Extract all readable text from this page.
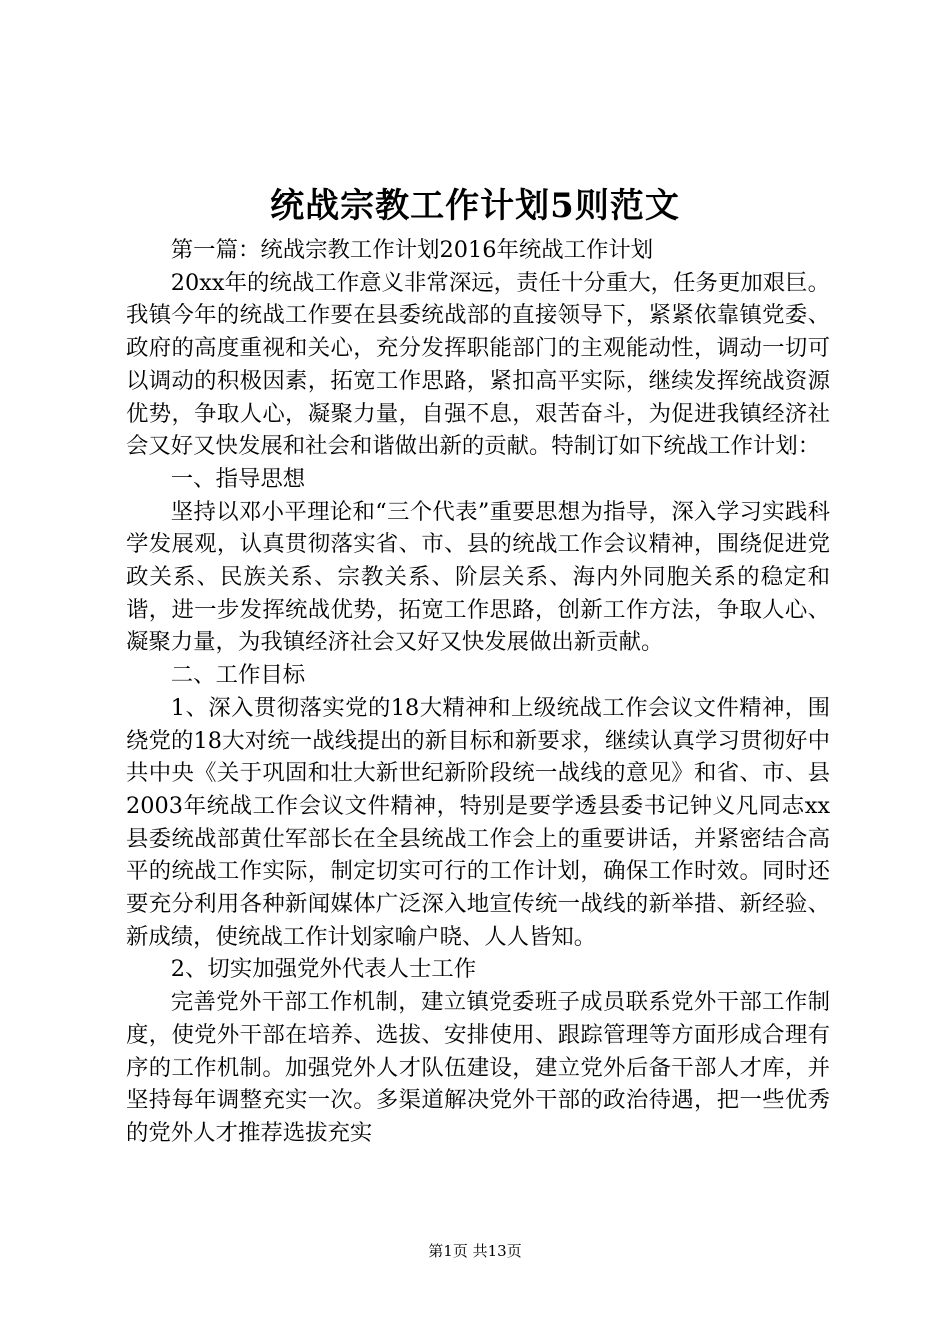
统战宗教工作计划5则范文

第一篇：统战宗教工作计划2016年统战工作计划

20xx年的统战工作意义非常深远，责任十分重大，任务更加艰巨。我镇今年的统战工作要在县委统战部的直接领导下，紧紧依靠镇党委、政府的高度重视和关心，充分发挥职能部门的主观能动性，调动一切可以调动的积极因素，拓宽工作思路，紧扣高平实际，继续发挥统战资源优势，争取人心，凝聚力量，自强不息，艰苦奋斗，为促进我镇经济社会又好又快发展和社会和谐做出新的贡献。特制订如下统战工作计划：

一、指导思想

坚持以邓小平理论和“三个代表”重要思想为指导，深入学习实践科学发展观，认真贯彻落实省、市、县的统战工作会议精神，围绕促进党政关系、民族关系、宗教关系、阶层关系、海内外同胞关系的稳定和谐，进一步发挥统战优势，拓宽工作思路，创新工作方法，争取人心、凝聚力量，为我镇经济社会又好又快发展做出新贡献。

二、工作目标

1、深入贯彻落实党的18大精神和上级统战工作会议文件精神，围绕党的18大对统一战线提出的新目标和新要求，继续认真学习贯彻好中共中央《关于巩固和壮大新世纪新阶段统一战线的意见》和省、市、县2003年统战工作会议文件精神，特别是要学透县委书记钟义凡同志xx县委统战部黄仕军部长在全县统战工作会上的重要讲话，并紧密结合高平的统战工作实际，制定切实可行的工作计划，确保工作时效。同时还要充分利用各种新闻媒体广泛深入地宣传统一战线的新举措、新经验、新成绩，使统战工作计划家喻户晓、人人皆知。

2、切实加强党外代表人士工作

完善党外干部工作机制，建立镇党委班子成员联系党外干部工作制度，使党外干部在培养、选拔、安排使用、跟踪管理等方面形成合理有序的工作机制。加强党外人才队伍建设，建立党外后备干部人才库，并坚持每年调整充实一次。多渠道解决党外干部的政治待遇，把一些优秀的党外人才推荐选拔充实

第1页 共13页
